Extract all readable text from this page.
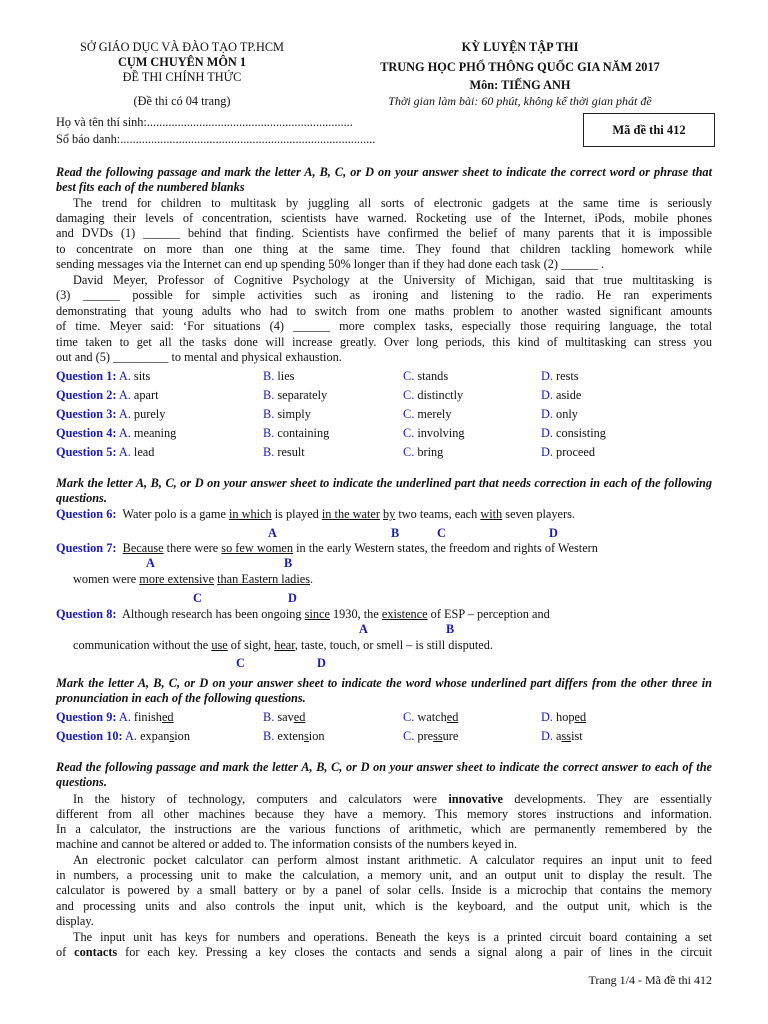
SỞ GIÁO DỤC VÀ ĐÀO TẠO TP.HCM
CỤM CHUYÊN MÔN 1
ĐỀ THI CHÍNH THỨC
(Đề thi có 04 trang)
KỲ LUYỆN TẬP THI
TRUNG HỌC PHỔ THÔNG QUỐC GIA NĂM 2017
Môn: TIẾNG ANH
Thời gian làm bài: 60 phút, không kể thời gian phát đề
Họ và tên thí sinh:...................................................................
Số báo danh:...................................................................................
Mã đề thi 412
Read the following passage and mark the letter A, B, C, or D on your answer sheet to indicate the correct word or phrase that best fits each of the numbered blanks
The trend for children to multitask by juggling all sorts of electronic gadgets at the same time is seriously
damaging their levels of concentration, scientists have warned. Rocketing use of the Internet, iPods, mobile phones
and DVDs (1) ______ behind that finding. Scientists have confirmed the belief of many parents that it is impossible
to concentrate on more than one thing at the same time. They found that children tackling homework while
sending messages via the Internet can end up spending 50% longer than if they had done each task (2) ______ .
David Meyer, Professor of Cognitive Psychology at the University of Michigan, said that true multitasking is
(3) ______ possible for simple activities such as ironing and listening to the radio. He ran experiments
demonstrating that young adults who had to switch from one maths problem to another wasted significant amounts
of time. Meyer said: ‘For situations (4) ______ more complex tasks, especially those requiring language, the total
time taken to get all the tasks done will increase greatly. Over long periods, this kind of multitasking can stress you
out and (5) _________ to mental and physical exhaustion.
Question 1: A. sits	B. lies	C. stands	D. rests
Question 2: A. apart	B. separately	C. distinctly	D. aside
Question 3: A. purely	B. simply	C. merely	D. only
Question 4: A. meaning	B. containing	C. involving	D. consisting
Question 5: A. lead	B. result	C. bring	D. proceed
Mark the letter A, B, C, or D on your answer sheet to indicate the underlined part that needs correction in each of the following questions.
Question 6: Water polo is a game in which is played in the water by two teams, each with seven players.
A	B	C	D
Question 7: Because there were so few women in the early Western states, the freedom and rights of Western
A	B
women were more extensive than Eastern ladies.
C	D
Question 8: Although research has been ongoing since 1930, the existence of ESP – perception and
A	B
communication without the use of sight, hear, taste, touch, or smell – is still disputed.
C	D
Mark the letter A, B, C, or D on your answer sheet to indicate the word whose underlined part differs from the other three in pronunciation in each of the following questions.
Question 9: A. finished	B. saved	C. watched	D. hoped
Question 10: A. expansion	B. extension	C. pressure	D. assist
Read the following passage and mark the letter A, B, C, or D on your answer sheet to indicate the correct answer to each of the questions.
In the history of technology, computers and calculators were innovative developments. They are essentially
different from all other machines because they have a memory. This memory stores instructions and information.
In a calculator, the instructions are the various functions of arithmetic, which are permanently remembered by the
machine and cannot be altered or added to. The information consists of the numbers keyed in.
An electronic pocket calculator can perform almost instant arithmetic. A calculator requires an input unit to feed
in numbers, a processing unit to make the calculation, a memory unit, and an output unit to display the result. The
calculator is powered by a small battery or by a panel of solar cells. Inside is a microchip that contains the memory
and processing units and also controls the input unit, which is the keyboard, and the output unit, which is the
display.
The input unit has keys for numbers and operations. Beneath the keys is a printed circuit board containing a set
of contacts for each key. Pressing a key closes the contacts and sends a signal along a pair of lines in the circuit
Trang 1/4 - Mã đề thi 412
